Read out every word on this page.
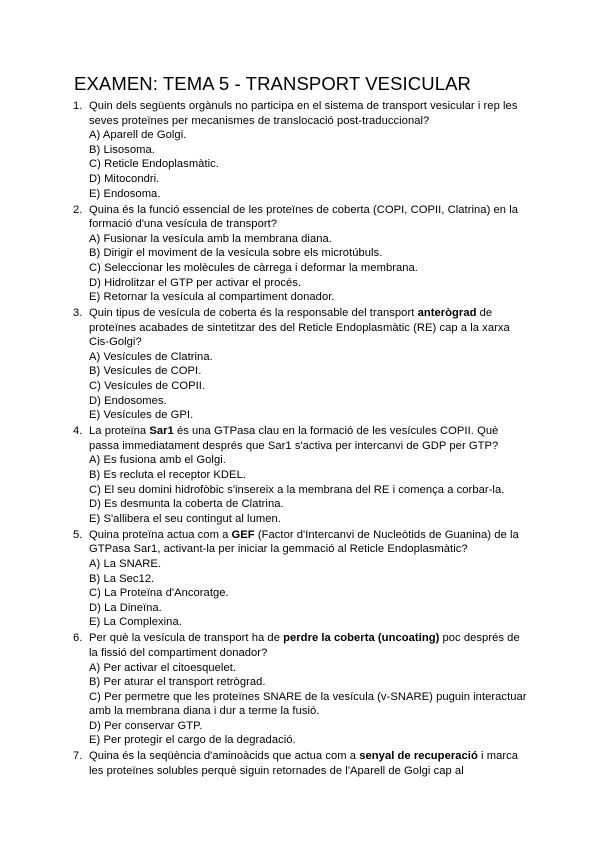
EXAMEN: TEMA 5 - TRANSPORT VESICULAR
1. Quin dels següents orgànuls no participa en el sistema de transport vesicular i rep les seves proteïnes per mecanismes de translocació post-traduccional?

A) Aparell de Golgi.
B) Lisosoma.
C) Reticle Endoplasmàtic.
D) Mitocondri.
E) Endosoma.
2. Quina és la funció essencial de les proteïnes de coberta (COPI, COPII, Clatrina) en la formació d'una vesícula de transport?

A) Fusionar la vesícula amb la membrana diana.
B) Dirigir el moviment de la vesícula sobre els microtúbuls.
C) Seleccionar les molècules de càrrega i deformar la membrana.
D) Hidrolitzar el GTP per activar el procés.
E) Retornar la vesícula al compartiment donador.
3. Quin tipus de vesícula de coberta és la responsable del transport anterògrad de proteïnes acabades de sintetitzar des del Reticle Endoplasmàtic (RE) cap a la xarxa Cis-Golgi?

A) Vesícules de Clatrina.
B) Vesícules de COPI.
C) Vesícules de COPII.
D) Endosomes.
E) Vesícules de GPI.
4. La proteïna Sar1 és una GTPasa clau en la formació de les vesícules COPII. Què passa immediatament després que Sar1 s'activa per intercanvi de GDP per GTP?

A) Es fusiona amb el Golgi.
B) Es recluta el receptor KDEL.
C) El seu domini hidrofòbic s'insereix a la membrana del RE i comença a corbar-la.
D) Es desmunta la coberta de Clatrina.
E) S'allibera el seu contingut al lumen.
5. Quina proteïna actua com a GEF (Factor d'Intercanvi de Nucleòtids de Guanina) de la GTPasa Sar1, activant-la per iniciar la gemmació al Reticle Endoplasmàtic?

A) La SNARE.
B) La Sec12.
C) La Proteïna d'Ancoratge.
D) La Dineïna.
E) La Complexina.
6. Per què la vesícula de transport ha de perdre la coberta (uncoating) poc després de la fissió del compartiment donador?

A) Per activar el citoesquelet.
B) Per aturar el transport retrògrad.
C) Per permetre que les proteïnes SNARE de la vesícula (v-SNARE) puguin interactuar amb la membrana diana i dur a terme la fusió.
D) Per conservar GTP.
E) Per protegir el cargo de la degradació.
7. Quina és la seqüència d'aminoàcids que actua com a senyal de recuperació i marca les proteïnes solubles perquè siguin retornades de l'Aparell de Golgi cap al
